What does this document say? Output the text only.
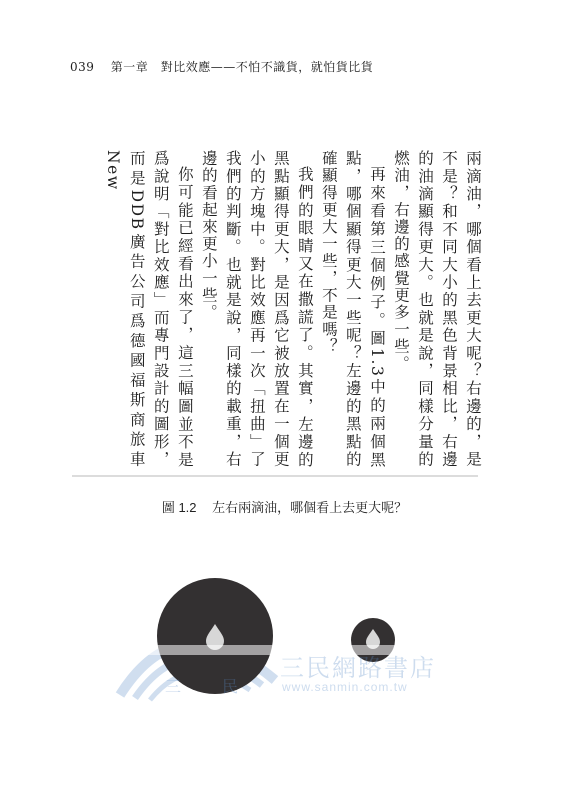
039 第一章　對比效應——不怕不識貨，就怕貨比貨

兩滴油，哪個看上去更大呢？右邊的，是不是？和不同大小的黑色背景相比，右邊的油滴顯得更大。也就是說，同樣分量的燃油，右邊的感覺更多一些。

再來看第三個例子。圖1.3中的兩個黑點，哪個顯得更大一些呢？左邊的黑點的確顯得更大一些，不是嗎？

我們的眼睛又在撒謊了。其實，左邊的黑點顯得更大，是因爲它被放置在一個更小的方塊中。對比效應再一次「扭曲」了我們的判斷。也就是說，同樣的載重，右邊的看起來更小一些。

你可能已經看出來了，這三幅圖並不是爲說明「對比效應」而專門設計的圖形，而是DDB廣告公司爲德國福斯商旅車New

圖 1.2 左右兩滴油，哪個看上去更大呢？
三	民
三民網路書店
www.sanmin.com.tw
